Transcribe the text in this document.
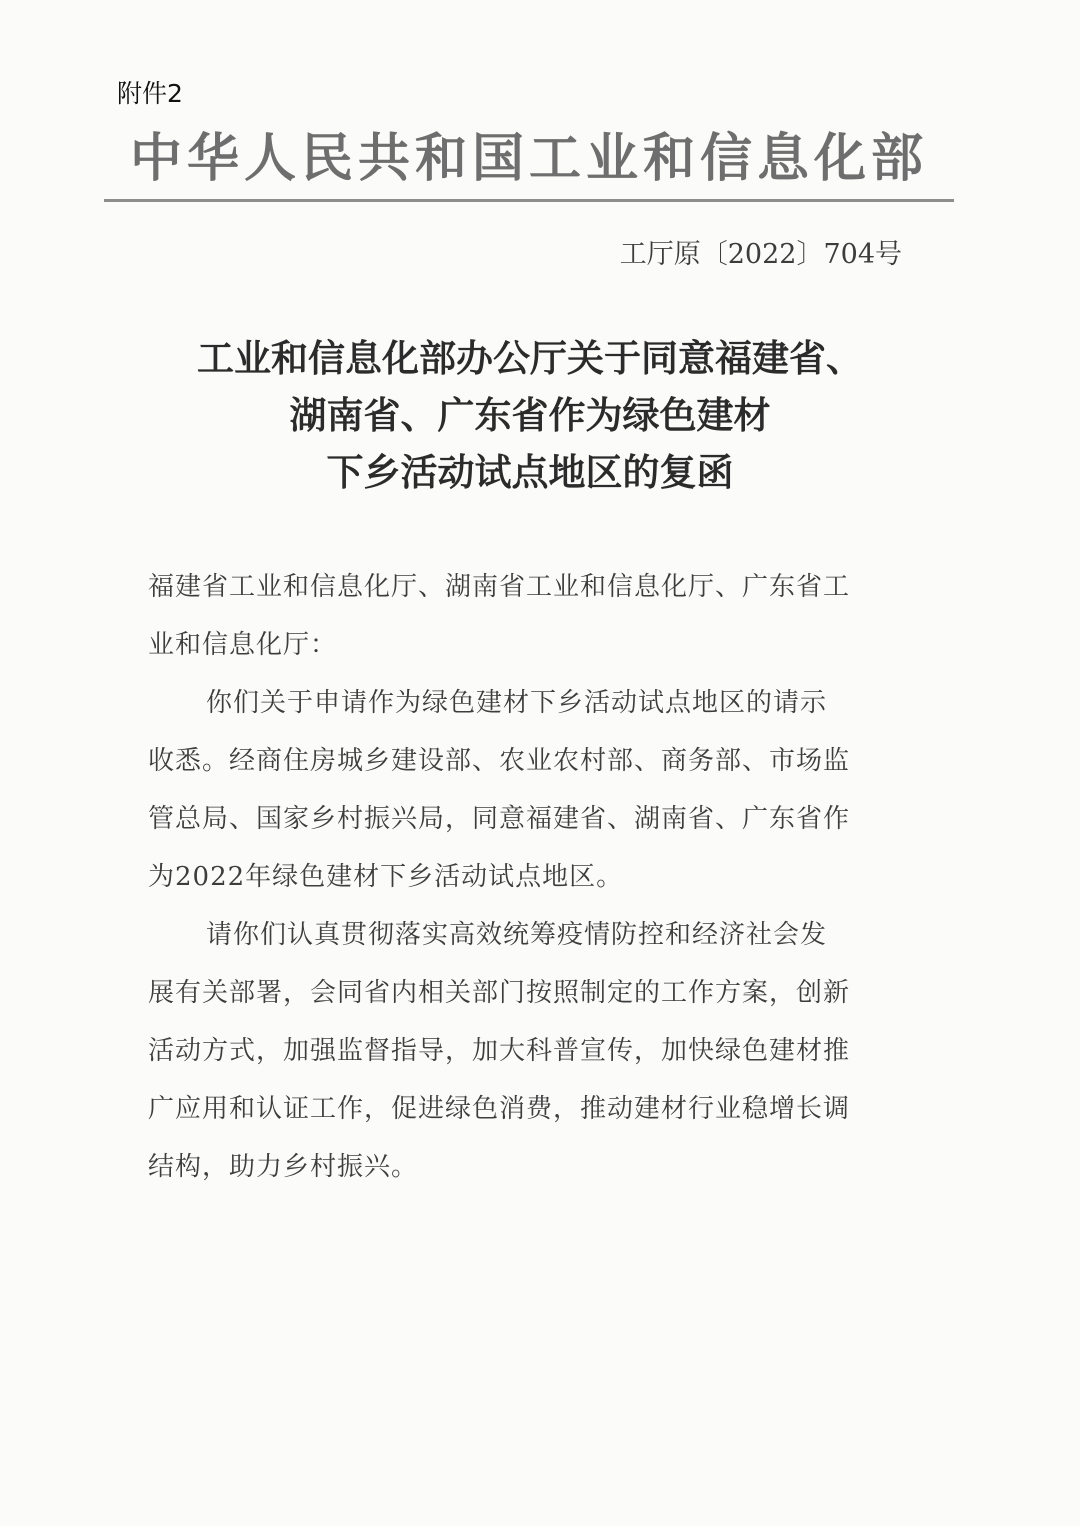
附件2
中华人民共和国工业和信息化部
工厅原〔2022〕704号
工业和信息化部办公厅关于同意福建省、
湖南省、广东省作为绿色建材
下乡活动试点地区的复函
福建省工业和信息化厅、湖南省工业和信息化厅、广东省工
业和信息化厅：
你们关于申请作为绿色建材下乡活动试点地区的请示
收悉。经商住房城乡建设部、农业农村部、商务部、市场监
管总局、国家乡村振兴局，同意福建省、湖南省、广东省作
为2022年绿色建材下乡活动试点地区。
请你们认真贯彻落实高效统筹疫情防控和经济社会发
展有关部署，会同省内相关部门按照制定的工作方案，创新
活动方式，加强监督指导，加大科普宣传，加快绿色建材推
广应用和认证工作，促进绿色消费，推动建材行业稳增长调
结构，助力乡村振兴。
